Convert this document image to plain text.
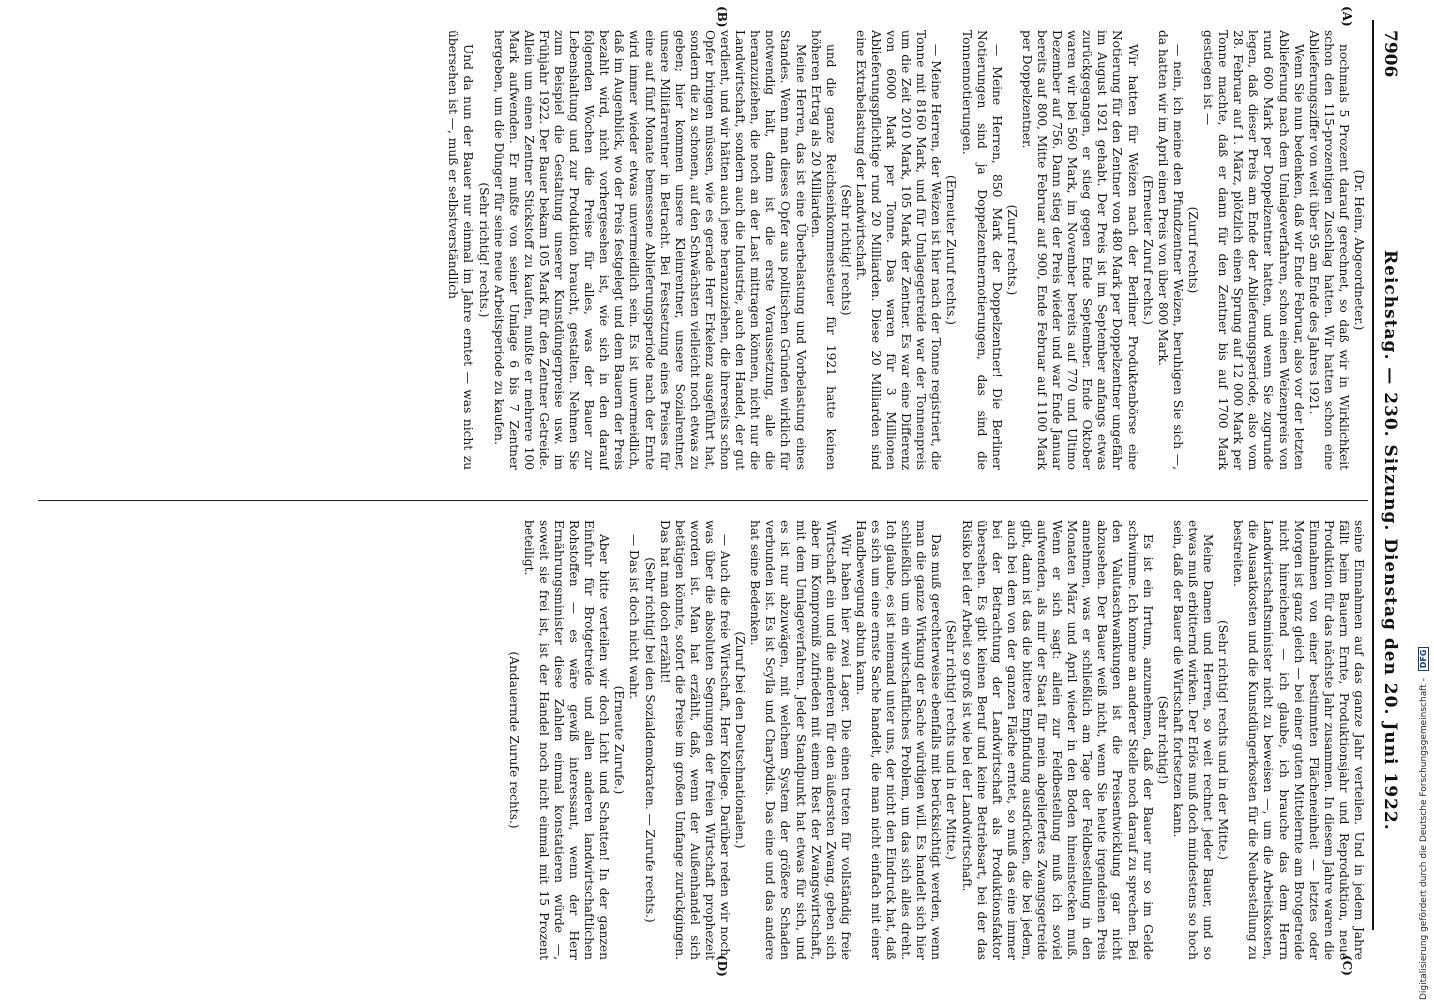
7906
Reichstag. — 230. Sitzung. Dienstag den 20. Juni 1922.
(A)
(B)
(C)
(D)

(Dr. Heim, Abgeordneter.)

nochmals 5 Prozent darauf gerechnet, so daß wir in Wirklichkeit schon den 115-prozentigen Zuschlag hatten. Wir hatten schon eine Ablieferungsziffer von weit über 95 am Ende des Jahres 1921.

Wenn Sie nun bedenken, daß wir Ende Februar, also vor der letzten Ablieferung nach dem Umlageverfahren, schon einen Weizenpreis von rund 600 Mark per Doppelzentner hatten, und wenn Sie zugrunde legen, daß dieser Preis am Ende der Ablieferungsperiode, also vom 28. Februar auf 1. März, plötzlich einen Sprung auf 12 000 Mark per Tonne machte, daß er dann für den Zentner bis auf 1700 Mark gestiegen ist —

(Zuruf rechts)

— nein, ich meine den Pfundzentner Weizen, beruhigen Sie sich —, da hatten wir im April einen Preis von über 800 Mark.

(Erneuter Zuruf rechts.)

Wir hatten für Weizen nach der Berliner Produktenbörse eine Notierung für den Zentner von 480 Mark per Doppelzentner ungefähr im August 1921 gehabt. Der Preis ist im September anfangs etwas zurückgegangen, er stieg gegen Ende September. Ende Oktober waren wir bei 560 Mark, im November bereits auf 770 und Ultimo Dezember auf 756. Dann stieg der Preis wieder und war Ende Januar bereits auf 800, Mitte Februar auf 900, Ende Februar auf 1100 Mark per Doppelzentner.

(Zuruf rechts.)

— Meine Herren, 850 Mark der Doppelzentner! Die Berliner Notierungen sind ja Doppelzentnernotierungen, das sind die Tonnennotierungen.

(Erneuter Zuruf rechts.)

— Meine Herren, der Weizen ist hier nach der Tonne registriert, die Tonne mit 8160 Mark, und für Umlagegetreide war der Tonnenpreis um die Zeit 2010 Mark, 105 Mark der Zentner. Es war eine Differenz von 6000 Mark per Tonne. Das waren für 3 Millionen Ablieferungspflichtige rund 20 Milliarden. Diese 20 Milliarden sind eine Extrabelastung der Landwirtschaft.

(Sehr richtig! rechts)

und die ganze Reichseinkommensteuer für 1921 hatte keinen höheren Ertrag als 20 Milliarden.

Meine Herren, das ist eine Überbelastung und Vorbelastung eines Standes. Wenn man dieses Opfer aus politischen Gründen wirklich für notwendig hält, dann ist die erste Voraussetzung, alle die heranzuziehen, die noch an der Last mittragen können, nicht nur die Landwirtschaft, sondern auch die Industrie, auch den Handel, der gut verdient, und wir hätten auch jene heranzuziehen, die ihrerseits schon Opfer bringen müssen, wie es gerade Herr Erkelenz ausgeführt hat, sondern die zu schonen, auf den Schwächsten vielleicht noch etwas zu geben; hier kommen unsere Kleinrentner, unsere Sozialrentner, unsere Militärrentner in Betracht. Bei Festsetzung eines Preises für eine auf fünf Monate bemessene Ablieferungsperiode nach der Ernte wird immer wieder etwas unvermeidlich sein. Es ist unvermeidlich, daß im Augenblick, wo der Preis festgelegt und dem Bauern der Preis bezahlt wird, nicht vorhergesehen ist, wie sich in den darauf folgenden Wochen die Preise für alles, was der Bauer zur Lebenshaltung und zur Produktion braucht, gestalten. Nehmen Sie zum Beispiel die Gestaltung unserer Kunstdüngerpreise usw. im Frühjahr 1922. Der Bauer bekam 105 Mark für den Zentner Getreide. Allein um einen Zentner Stickstoff zu kaufen, mußte er mehrere 100 Mark aufwenden. Er mußte von seiner Umlage 6 bis 7 Zentner hergeben, um die Dünger für seine neue Arbeitsperiode zu kaufen.

(Sehr richtig! rechts.)

Und da nun der Bauer nur einmal im Jahre erntet — was nicht zu übersehen ist —, muß er selbstverständlich

seine Einnahmen auf das ganze Jahr verteilen. Und in jedem Jahre fällt beim Bauern Ernte, Produktionsjahr und Reproduktion, neue Produktion für das nächste Jahr zusammen. In diesem Jahre waren die Einnahmen von einer bestimmten Flächeneinheit — letztes oder Morgen ist ganz gleich — bei einer guten Mittelernte am Brotgetreide nicht hinreichend — ich glaube, ich brauche das dem Herrn Landwirtschaftsminister nicht zu beweisen —, um die Arbeitskosten, die Ausaatkosten und die Kunstdüngerkosten für die Neubestellung zu bestreiten.

(Sehr richtig! rechts und in der Mitte.)

Meine Damen und Herren, so weit rechnet jeder Bauer, und so etwas muß erbitternd wirken. Der Erlös muß doch mindestens so hoch sein, daß der Bauer die Wirtschaft fortsetzen kann.

(Sehr richtig!)

Es ist ein Irrtum, anzunehmen, daß der Bauer nur so im Gelde schwimme. Ich komme an anderer Stelle noch darauf zu sprechen. Bei den Valutaschwankungen ist die Preisentwicklung gar nicht abzusehen. Der Bauer weiß nicht, wenn Sie heute irgendeinen Preis annehmen, was er schließlich am Tage der Feldbestellung in den Monaten März und April wieder in den Boden hineinstecken muß. Wenn er sich sagt: allein zur Feldbestellung muß ich soviel aufwenden, als mir der Staat für mein abgeliefertes Zwangsgetreide gibt, dann ist das die bittere Empfindung ausdrücken, die bei jedem, auch bei dem von der ganzen Fläche erntet, so muß das eine immer bei der Betrachtung der Landwirtschaft als Produktionsfaktor übersehen. Es gibt keinen Beruf und keine Betriebsart, bei der das Risiko bei der Arbeit so groß ist wie bei der Landwirtschaft.

(Sehr richtig! rechts und in der Mitte.)

Das muß gerechterweise ebenfalls mit berücksichtigt werden, wenn man die ganze Wirkung der Sache würdigen will. Es handelt sich hier schließlich um ein wirtschaftliches Problem, um das sich alles dreht. Ich glaube, es ist niemand unter uns, der nicht den Eindruck hat, daß es sich um eine ernste Sache handelt, die man nicht einfach mit einer Handbewegung abtun kann.

Wir haben hier zwei Lager. Die einen treten für vollständig freie Wirtschaft ein und die anderen für den äußersten Zwang, geben sich aber im Kompromiß zufrieden mit einem Rest der Zwangswirtschaft, mit dem Umlageverfahren. Jeder Standpunkt hat etwas für sich, und es ist nur abzuwägen, mit welchem System der größere Schaden verbunden ist. Es ist Scylla und Charybdis. Das eine und das andere hat seine Bedenken.

(Zuruf bei den Deutschnationalen.)

— Auch die freie Wirtschaft, Herr Kollege. Darüber reden wir noch, was über die absoluten Segnungen der freien Wirtschaft prophezeit worden ist. Man hat erzählt, daß, wenn der Außenhandel sich betätigen könnte, sofort die Preise im großen Umfange zurückgingen. Das hat man doch erzählt!

(Sehr richtig! bei den Sozialdemokraten. — Zurufe rechts.)

— Das ist doch nicht wahr.

(Erneute Zurufe.)

Aber bitte verteilen wir doch Licht und Schatten! In der ganzen Einfuhr für Brotgetreide und allen anderen landwirtschaftlichen Rohstoffen — es wäre gewiß interessant, wenn der Herr Ernährungsminister diese Zahlen einmal konstatieren würde —, soweit sie frei ist, ist der Handel noch nicht einmal mit 15 Prozent beteiligt.

(Andauernde Zurufe rechts.)	Digitalisierung gefördert durch die Deutsche Forschungsgemeinschaft - DFG
